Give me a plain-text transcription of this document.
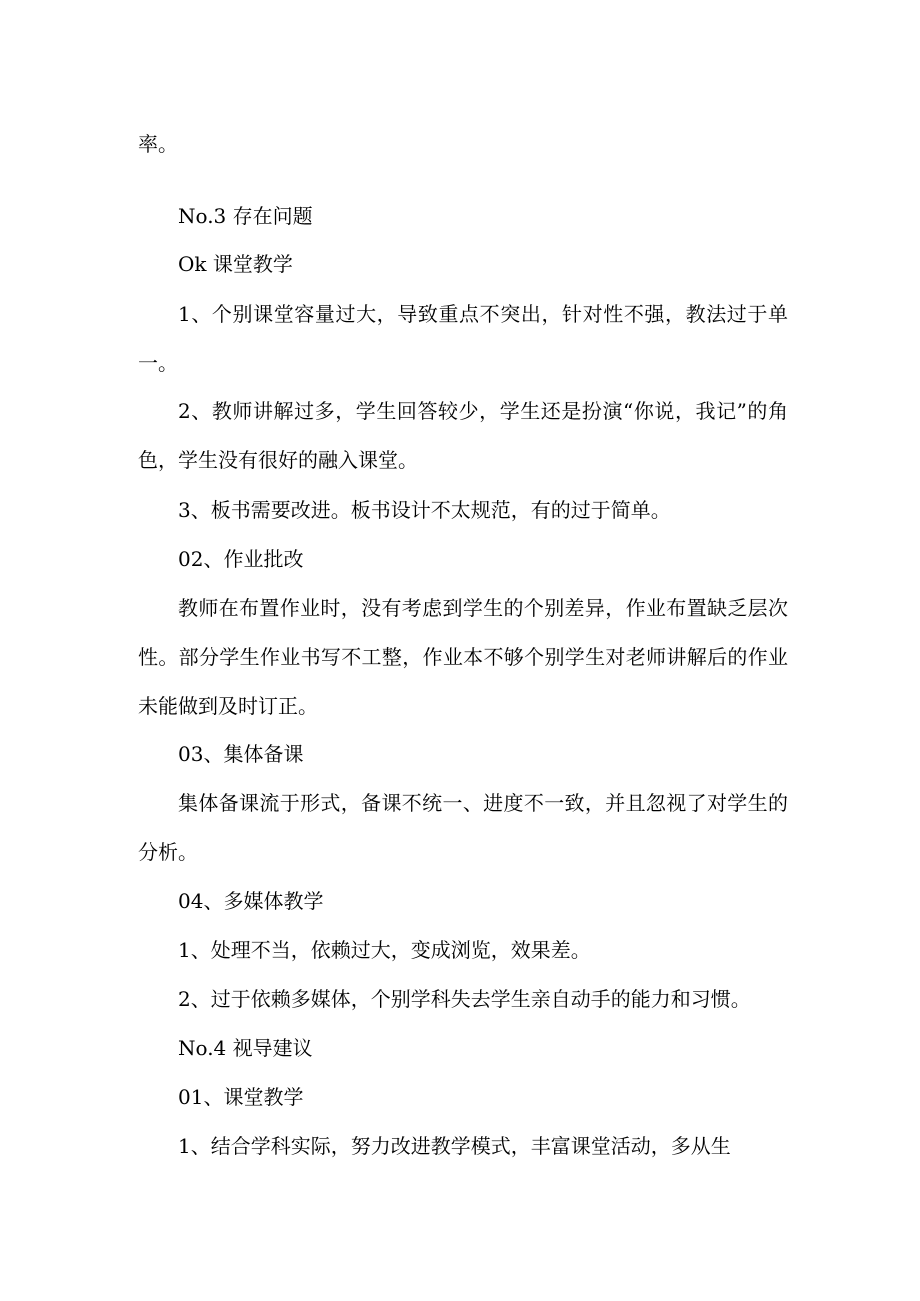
率。

No.3 存在问题

Ok 课堂教学

1、个别课堂容量过大，导致重点不突出，针对性不强，教法过于单一。

2、教师讲解过多，学生回答较少，学生还是扮演“你说，我记”的角色，学生没有很好的融入课堂。

3、板书需要改进。板书设计不太规范，有的过于简单。

02、作业批改

教师在布置作业时，没有考虑到学生的个别差异，作业布置缺乏层次性。部分学生作业书写不工整，作业本不够个别学生对老师讲解后的作业未能做到及时订正。

03、集体备课

集体备课流于形式，备课不统一、进度不一致，并且忽视了对学生的分析。

04、多媒体教学

1、处理不当，依赖过大，变成浏览，效果差。

2、过于依赖多媒体，个别学科失去学生亲自动手的能力和习惯。

No.4 视导建议

01、课堂教学

1、结合学科实际，努力改进教学模式，丰富课堂活动，多从生
